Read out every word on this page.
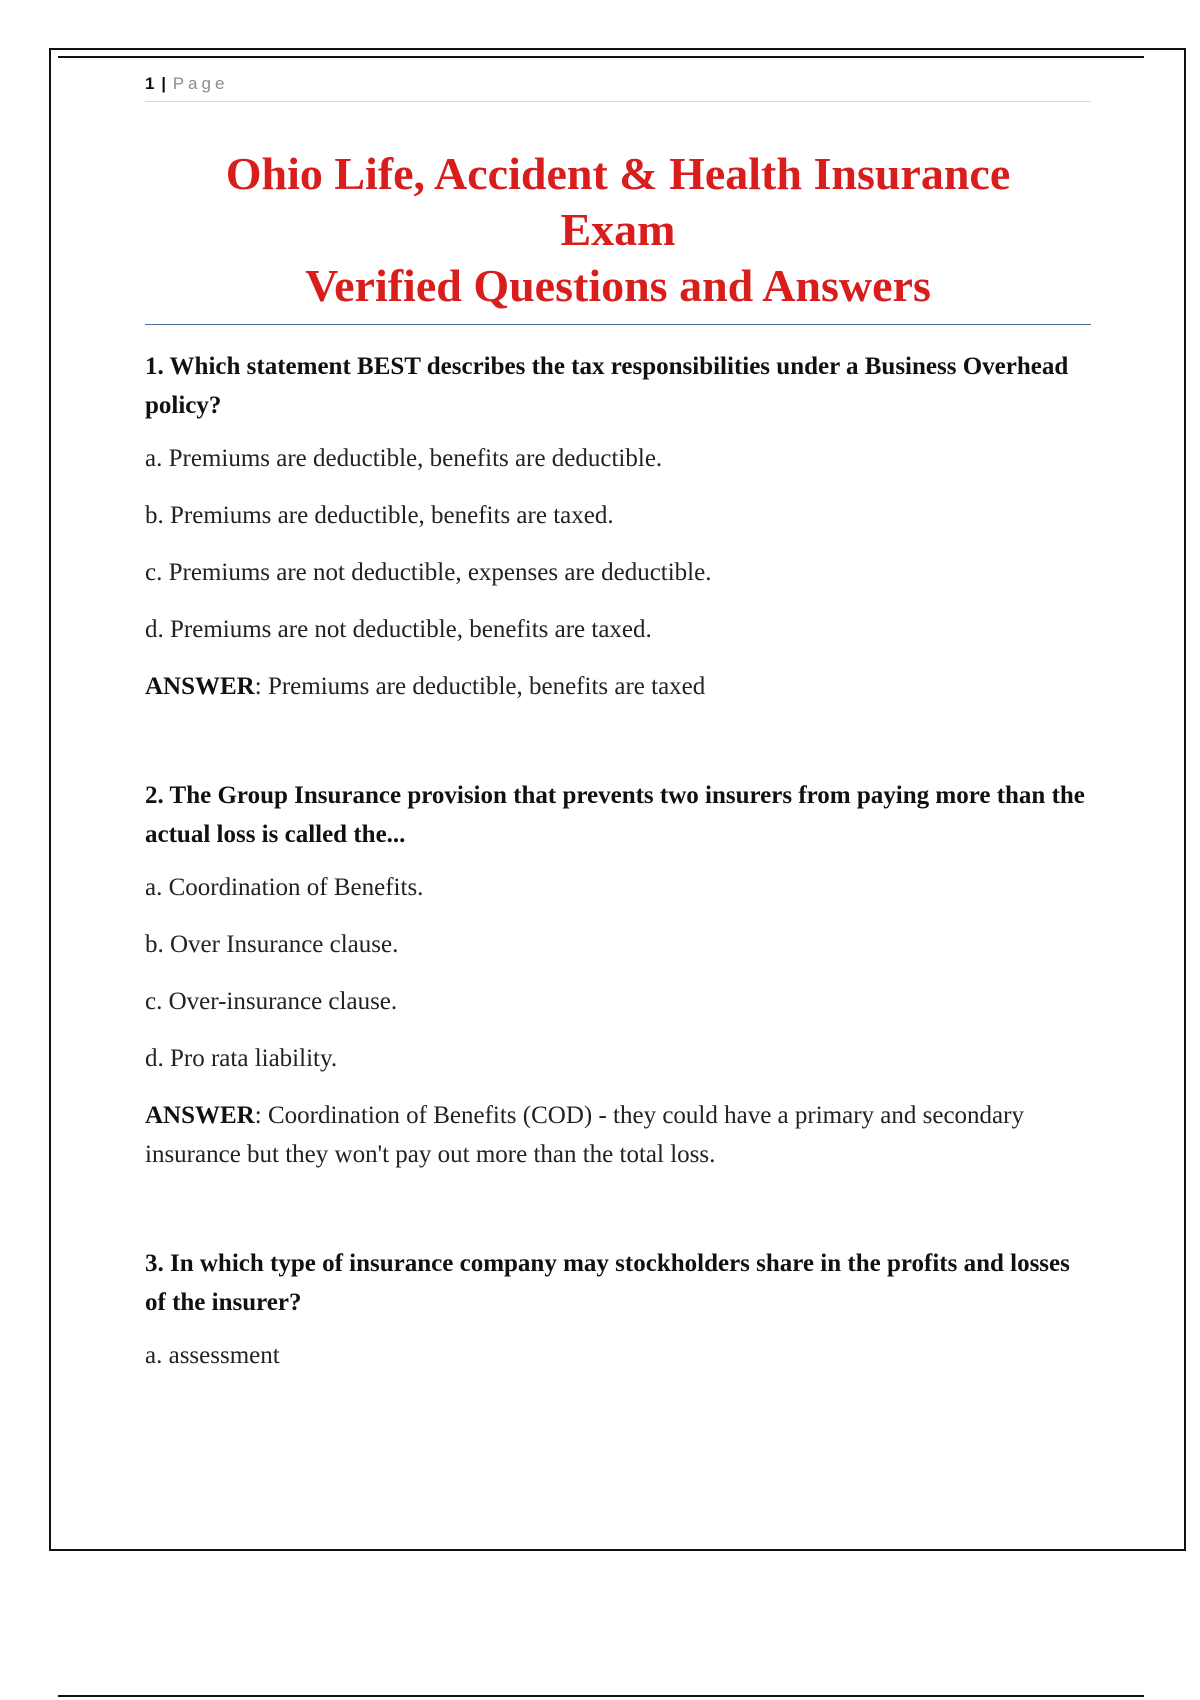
1 | Page
Ohio Life, Accident & Health Insurance
Exam
Verified Questions and Answers
1. Which statement BEST describes the tax responsibilities under a Business Overhead policy?
a. Premiums are deductible, benefits are deductible.
b. Premiums are deductible, benefits are taxed.
c. Premiums are not deductible, expenses are deductible.
d. Premiums are not deductible, benefits are taxed.
ANSWER: Premiums are deductible, benefits are taxed
2. The Group Insurance provision that prevents two insurers from paying more than the actual loss is called the...
a. Coordination of Benefits.
b. Over Insurance clause.
c. Over-insurance clause.
d. Pro rata liability.
ANSWER: Coordination of Benefits (COD) - they could have a primary and secondary insurance but they won't pay out more than the total loss.
3. In which type of insurance company may stockholders share in the profits and losses of the insurer?
a. assessment
